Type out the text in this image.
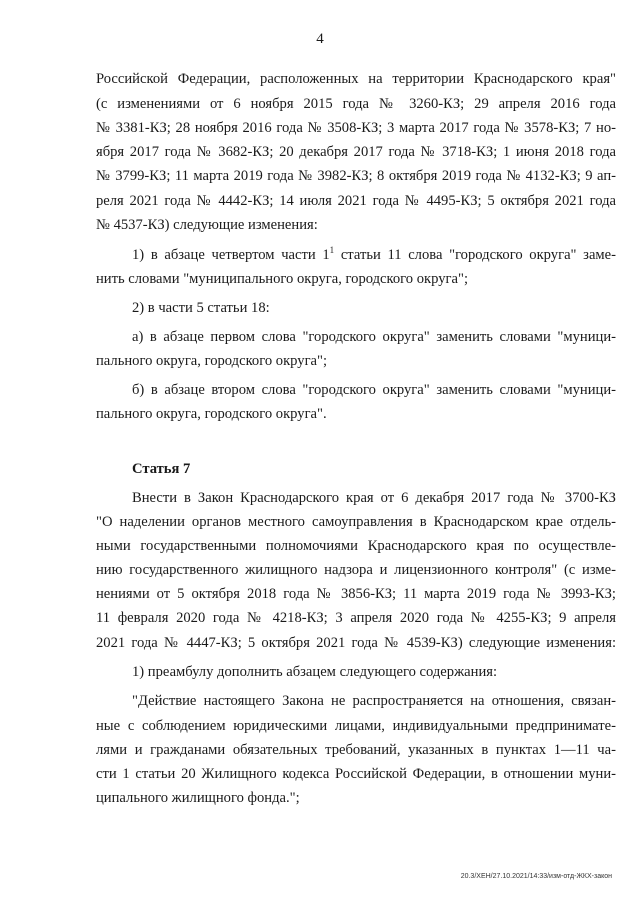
4
Российской Федерации, расположенных на территории Краснодарского края"
(с изменениями от 6 ноября 2015 года № 3260-КЗ; 29 апреля 2016 года
№ 3381-КЗ; 28 ноября 2016 года № 3508-КЗ; 3 марта 2017 года № 3578-КЗ; 7 но-
ября 2017 года № 3682-КЗ; 20 декабря 2017 года № 3718-КЗ; 1 июня 2018 года
№ 3799-КЗ; 11 марта 2019 года № 3982-КЗ; 8 октября 2019 года № 4132-КЗ; 9 ап-
реля 2021 года № 4442-КЗ; 14 июля 2021 года № 4495-КЗ; 5 октября 2021 года
№ 4537-КЗ) следующие изменения:
1) в абзаце четвертом части $1^1$ статьи 11 слова "городского округа" заме-
нить словами "муниципального округа, городского округа";
2) в части 5 статьи 18:
а) в абзаце первом слова "городского округа" заменить словами "муници-
пального округа, городского округа";
б) в абзаце втором слова "городского округа" заменить словами "муници-
пального округа, городского округа".
Статья 7
Внести в Закон Краснодарского края от 6 декабря 2017 года № 3700-КЗ
"О наделении органов местного самоуправления в Краснодарском крае отдель-
ными государственными полномочиями Краснодарского края по осуществле-
нию государственного жилищного надзора и лицензионного контроля" (с изме-
нениями от 5 октября 2018 года № 3856-КЗ; 11 марта 2019 года № 3993-КЗ;
11 февраля 2020 года № 4218-КЗ; 3 апреля 2020 года № 4255-КЗ; 9 апреля
2021 года № 4447-КЗ; 5 октября 2021 года № 4539-КЗ) следующие изменения:
1) преамбулу дополнить абзацем следующего содержания:
"Действие настоящего Закона не распространяется на отношения, связан-
ные с соблюдением юридическими лицами, индивидуальными предпринимате-
лями и гражданами обязательных требований, указанных в пунктах 1—11 ча-
сти 1 статьи 20 Жилищного кодекса Российской Федерации, в отношении муни-
ципального жилищного фонда.";
20.3/ХЕН/27.10.2021/14:33/изм-отд-ЖКХ-закон
